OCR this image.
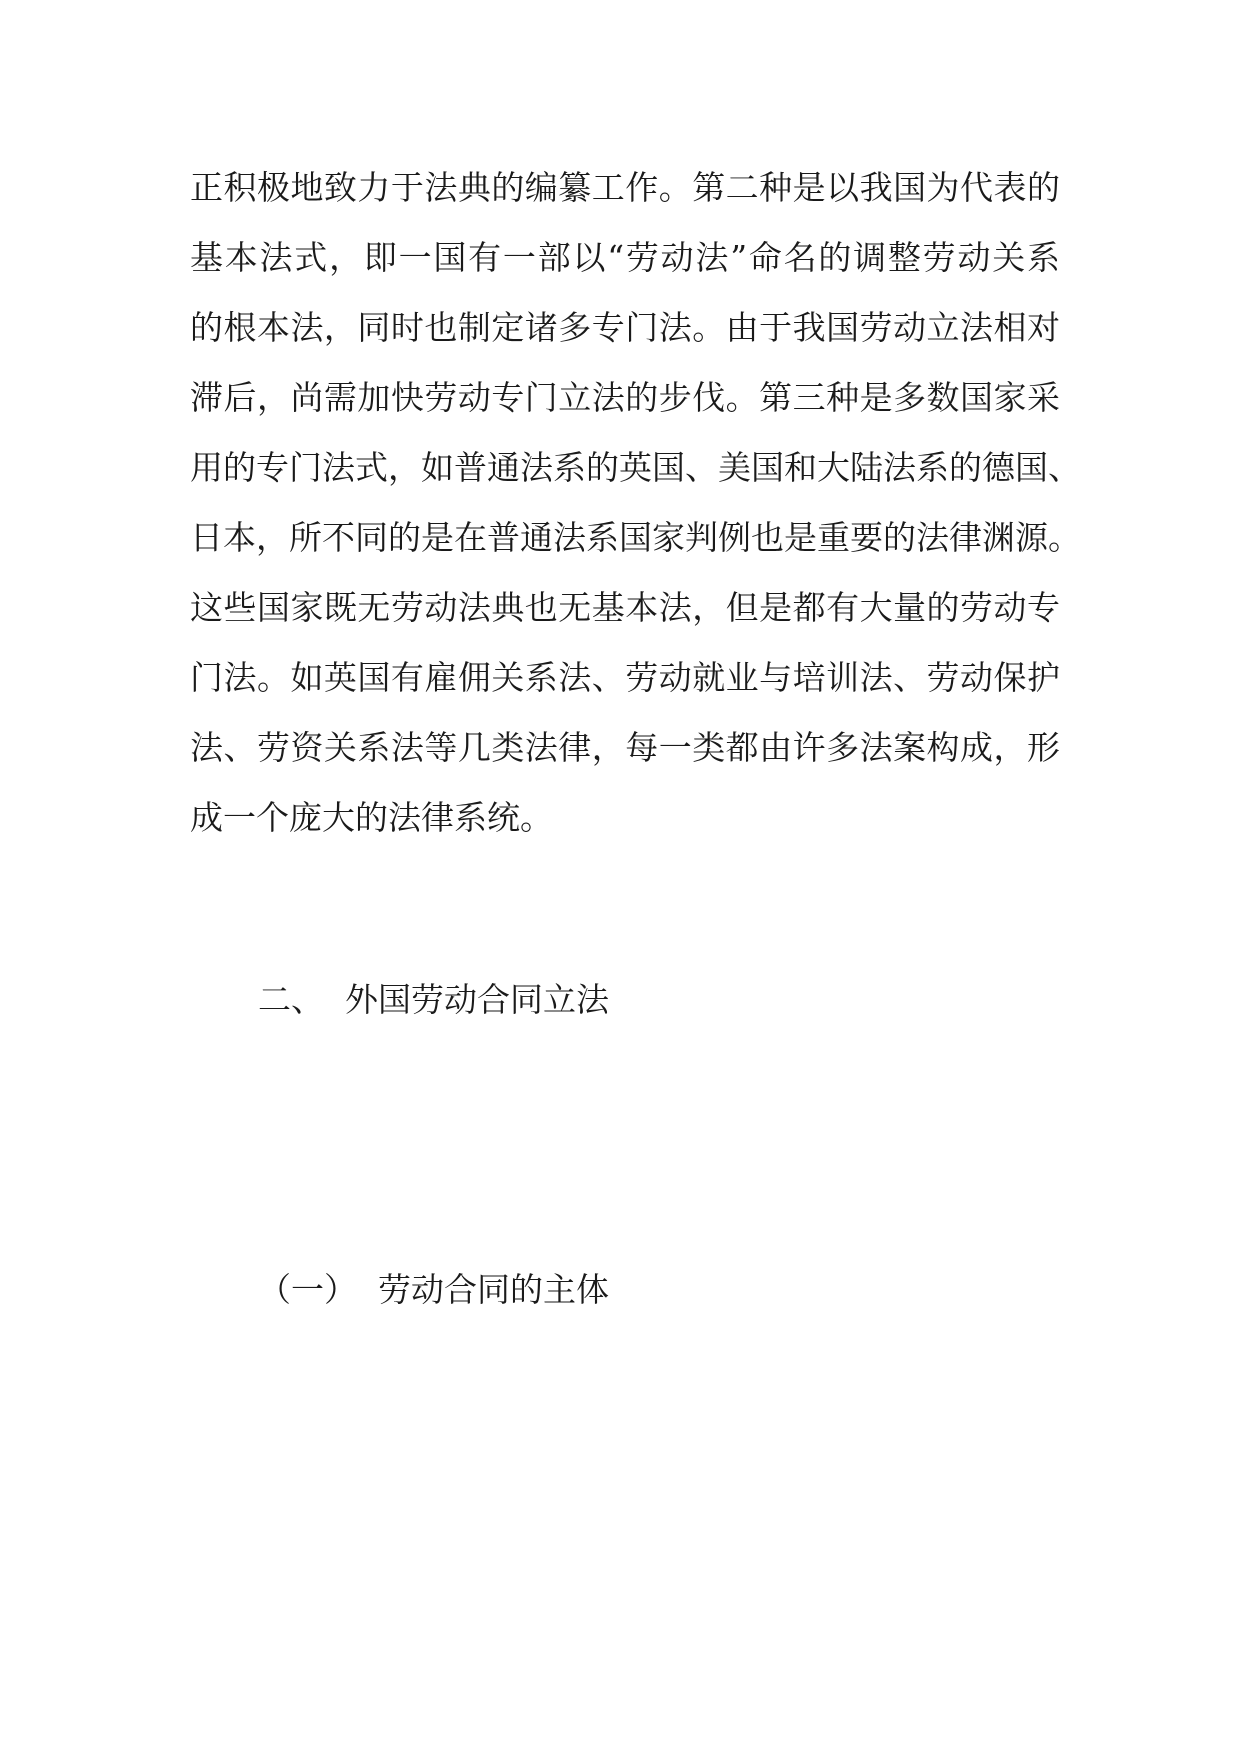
正积极地致力于法典的编纂工作。第二种是以我国为代表的
基本法式，即一国有一部以“劳动法”命名的调整劳动关系
的根本法，同时也制定诸多专门法。由于我国劳动立法相对
滞后，尚需加快劳动专门立法的步伐。第三种是多数国家采
用的专门法式，如普通法系的英国、美国和大陆法系的德国、
日本，所不同的是在普通法系国家判例也是重要的法律渊源。
这些国家既无劳动法典也无基本法，但是都有大量的劳动专
门法。如英国有雇佣关系法、劳动就业与培训法、劳动保护
法、劳资关系法等几类法律，每一类都由许多法案构成，形
成一个庞大的法律系统。
二、  外国劳动合同立法
（一）  劳动合同的主体
